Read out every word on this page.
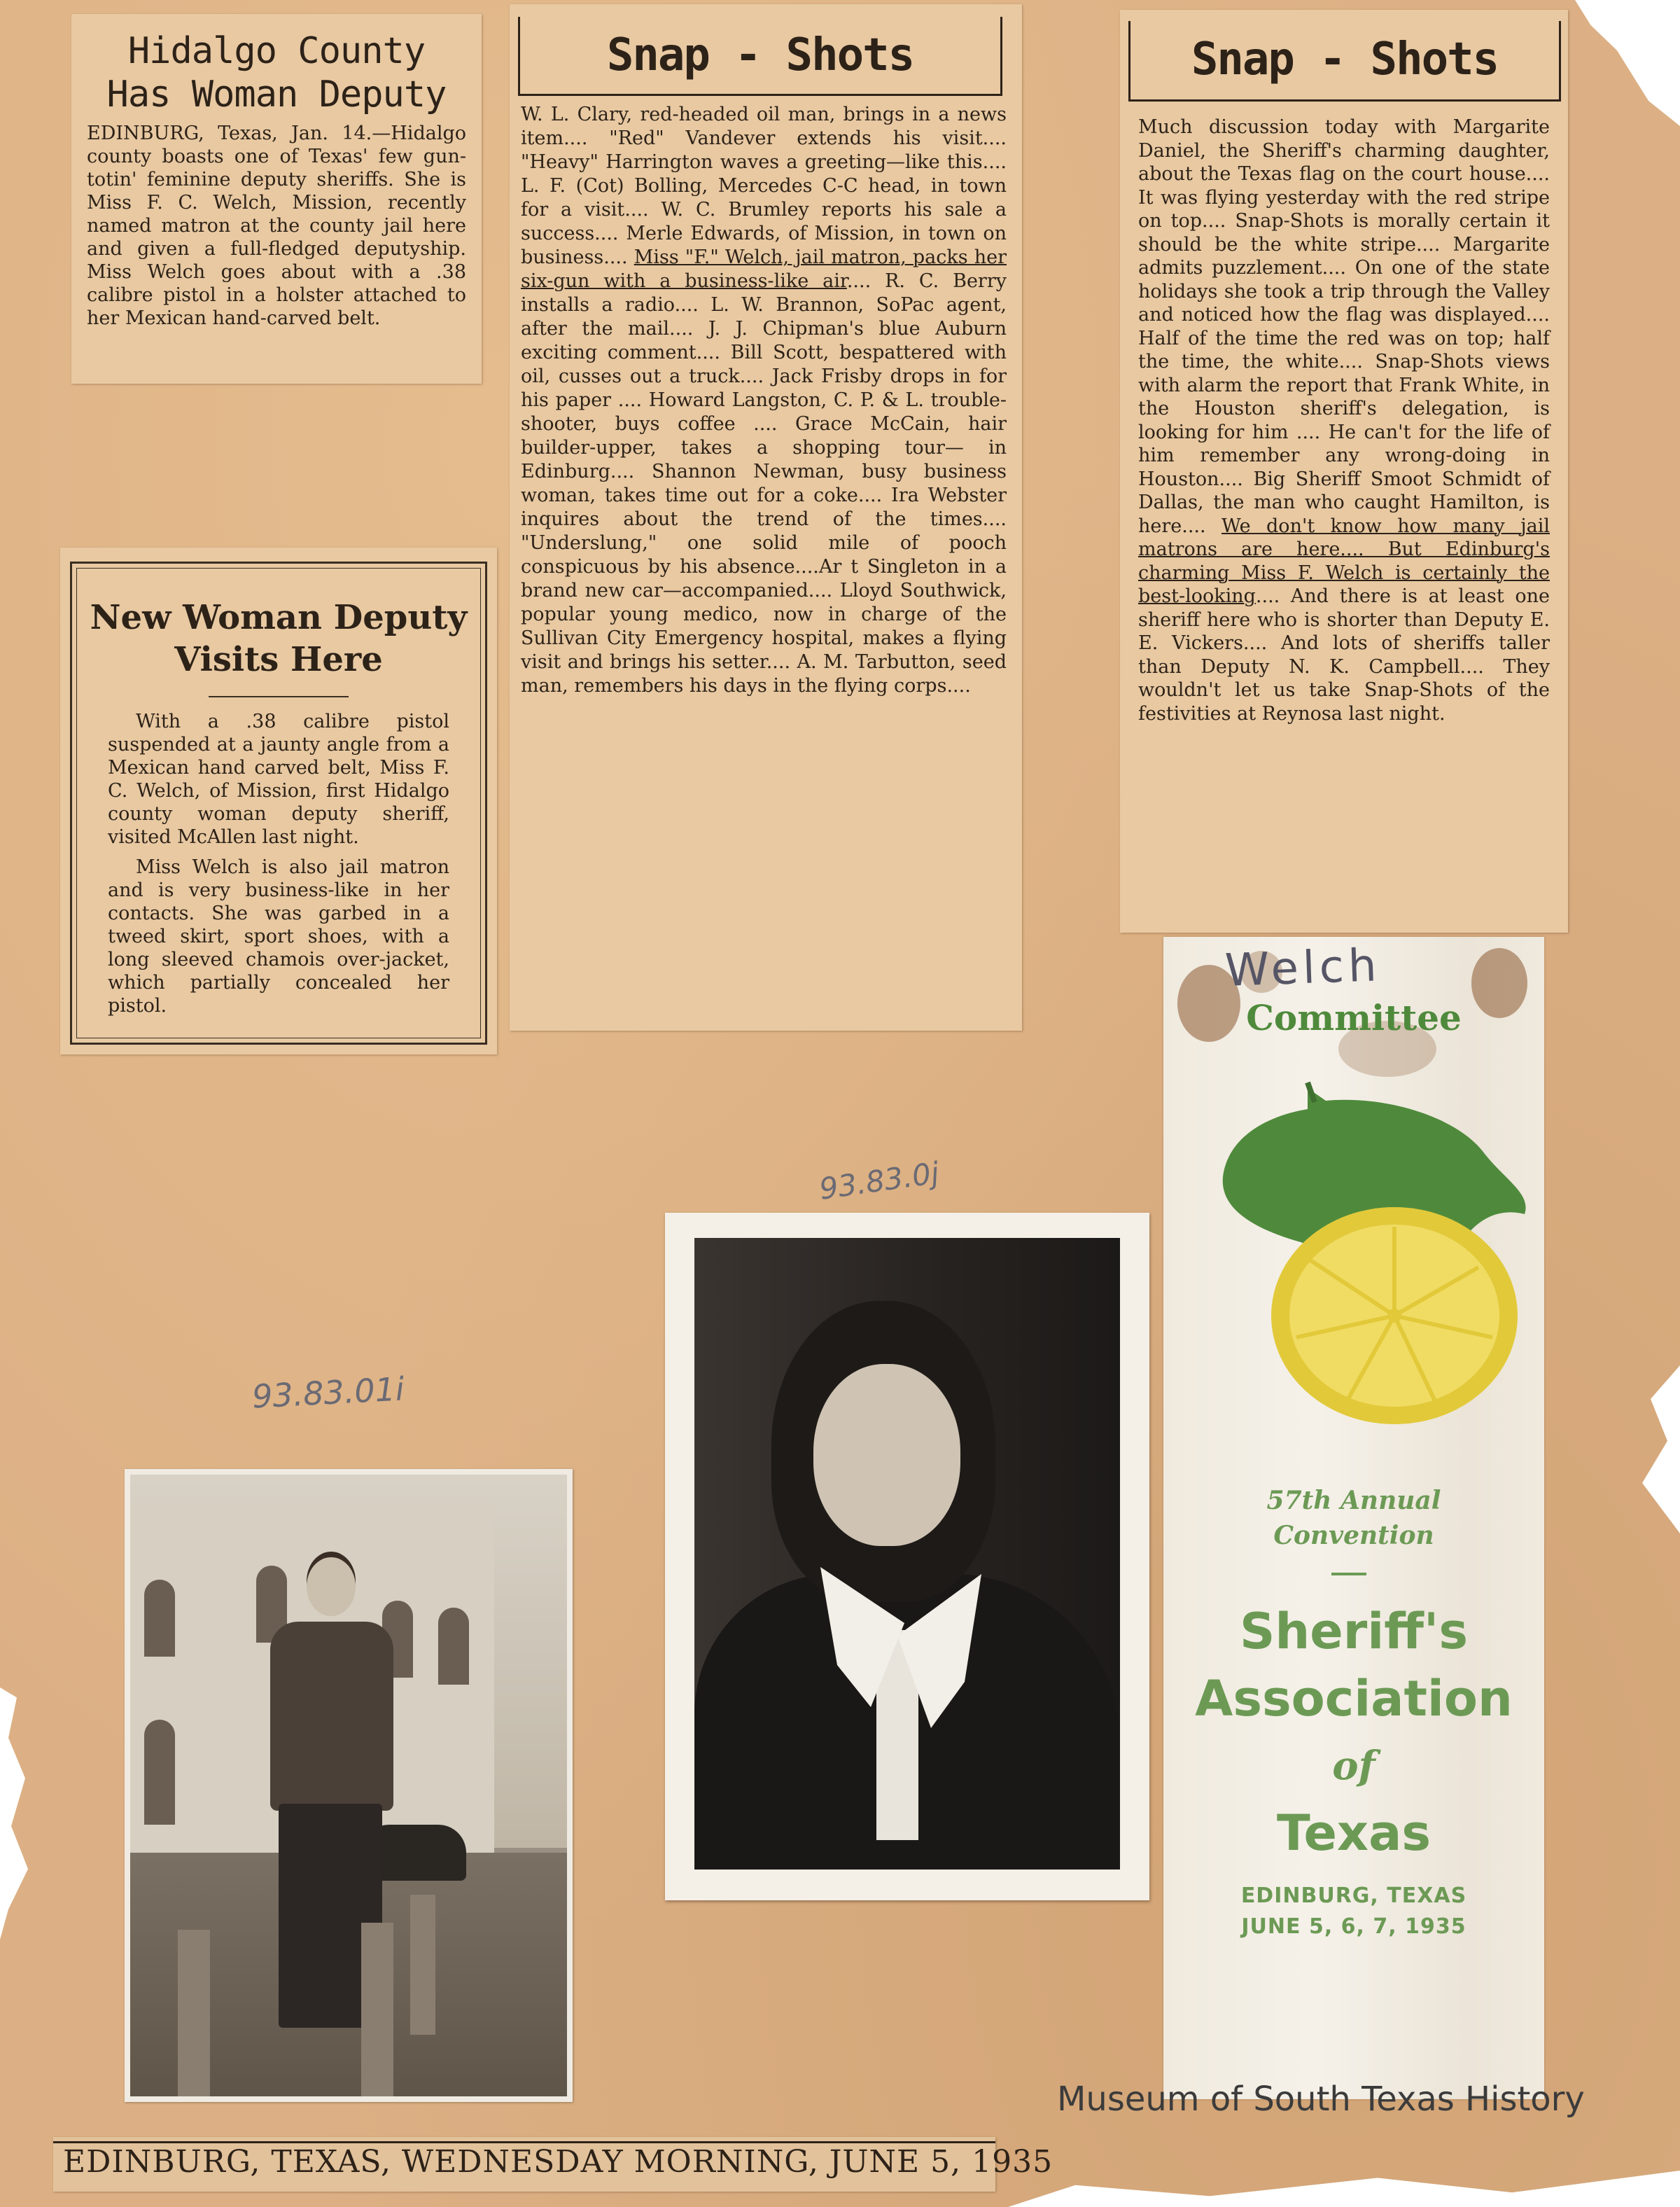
Hidalgo County
Has Woman Deputy
EDINBURG, Texas, Jan. 14.—Hidalgo county boasts one of Texas' few gun-totin' feminine deputy sheriffs. She is Miss F. C. Welch, Mission, recently named matron at the county jail here and given a full-fledged deputyship. Miss Welch goes about with a .38 calibre pistol in a holster attached to her Mexican hand-carved belt.
New Woman Deputy Visits Here

With a .38 calibre pistol suspended at a jaunty angle from a Mexican hand carved belt, Miss F. C. Welch, of Mission, first Hidalgo county woman deputy sheriff, visited McAllen last night.

Miss Welch is also jail matron and is very business-like in her contacts. She was garbed in a tweed skirt, sport shoes, with a long sleeved chamois over-jacket, which partially concealed her pistol.

Snap - Shots
W. L. Clary, red-headed oil man, brings in a news item.... "Red" Vandever extends his visit.... "Heavy" Harrington waves a greeting—like this.... L. F. (Cot) Bolling, Mercedes C-C head, in town for a visit.... W. C. Brumley reports his sale a success.... Merle Edwards, of Mission, in town on business.... Miss "F." Welch, jail matron, packs her six-gun with a business-like air.... R. C. Berry installs a radio.... L. W. Brannon, SoPac agent, after the mail.... J. J. Chipman's blue Auburn exciting comment.... Bill Scott, bespattered with oil, cusses out a truck.... Jack Frisby drops in for his paper .... Howard Langston, C. P. & L. trouble-shooter, buys coffee .... Grace McCain, hair builder-upper, takes a shopping tour— in Edinburg.... Shannon Newman, busy business woman, takes time out for a coke.... Ira Webster inquires about the trend of the times.... "Underslung," one solid mile of pooch conspicuous by his absence....Ar t Singleton in a brand new car—accompanied.... Lloyd Southwick, popular young medico, now in charge of the Sullivan City Emergency hospital, makes a flying visit and brings his setter.... A. M. Tarbutton, seed man, remembers his days in the flying corps....
Snap - Shots
Much discussion today with Margarite Daniel, the Sheriff's charming daughter, about the Texas flag on the court house.... It was flying yesterday with the red stripe on top.... Snap-Shots is morally certain it should be the white stripe.... Margarite admits puzzlement.... On one of the state holidays she took a trip through the Valley and noticed how the flag was displayed.... Half of the time the red was on top; half the time, the white.... Snap-Shots views with alarm the report that Frank White, in the Houston sheriff's delegation, is looking for him .... He can't for the life of him remember any wrong-doing in Houston.... Big Sheriff Smoot Schmidt of Dallas, the man who caught Hamilton, is here.... We don't know how many jail matrons are here.... But Edinburg's charming Miss F. Welch is certainly the best-looking.... And there is at least one sheriff here who is shorter than Deputy E. E. Vickers.... And lots of sheriffs taller than Deputy N. K. Campbell.... They wouldn't let us take Snap-Shots of the festivities at Reynosa last night.
93.83.01i
93.83.0j
Welch
Committee
57th Annual
Convention
Sheriff's
Association
of
Texas
EDINBURG, TEXAS
JUNE 5, 6, 7, 1935
EDINBURG, TEXAS, WEDNESDAY MORNING, JUNE 5, 1935
Museum of South Texas History
